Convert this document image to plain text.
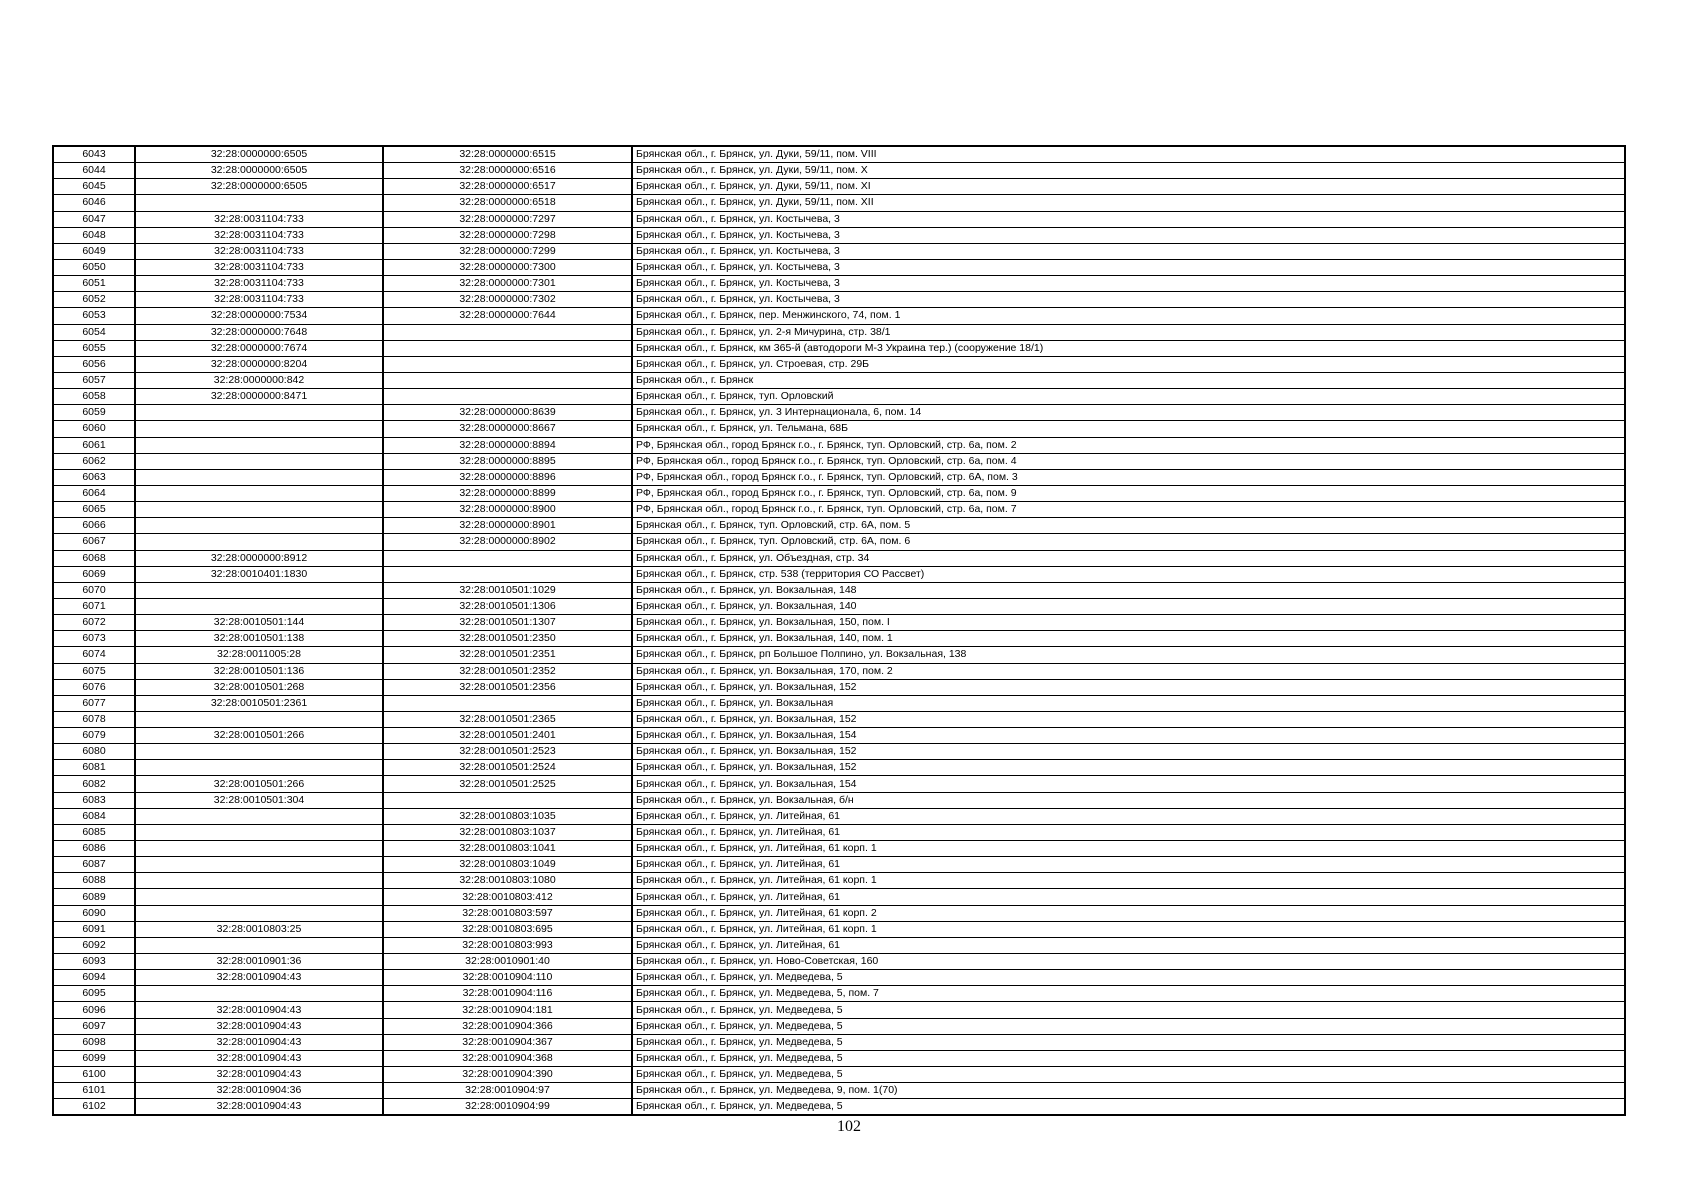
6043	32:28:0000000:6505	32:28:0000000:6515	Брянская обл., г. Брянск, ул. Дуки, 59/11, пом. VIII
6044	32:28:0000000:6505	32:28:0000000:6516	Брянская обл., г. Брянск, ул. Дуки, 59/11, пом. X
6045	32:28:0000000:6505	32:28:0000000:6517	Брянская обл., г. Брянск, ул. Дуки, 59/11, пом. XI
6046		32:28:0000000:6518	Брянская обл., г. Брянск, ул. Дуки, 59/11, пом. XII
6047	32:28:0031104:733	32:28:0000000:7297	Брянская обл., г. Брянск, ул. Костычева, 3
6048	32:28:0031104:733	32:28:0000000:7298	Брянская обл., г. Брянск, ул. Костычева, 3
6049	32:28:0031104:733	32:28:0000000:7299	Брянская обл., г. Брянск, ул. Костычева, 3
6050	32:28:0031104:733	32:28:0000000:7300	Брянская обл., г. Брянск, ул. Костычева, 3
6051	32:28:0031104:733	32:28:0000000:7301	Брянская обл., г. Брянск, ул. Костычева, 3
6052	32:28:0031104:733	32:28:0000000:7302	Брянская обл., г. Брянск, ул. Костычева, 3
6053	32:28:0000000:7534	32:28:0000000:7644	Брянская обл., г. Брянск, пер. Менжинского, 74, пом. 1
6054	32:28:0000000:7648		Брянская обл., г. Брянск, ул. 2-я Мичурина, стр. 38/1
6055	32:28:0000000:7674		Брянская обл., г. Брянск, км 365-й (автодороги М-3 Украина тер.) (сооружение 18/1)
6056	32:28:0000000:8204		Брянская обл., г. Брянск, ул. Строевая, стр. 29Б
6057	32:28:0000000:842		Брянская обл., г. Брянск
6058	32:28:0000000:8471		Брянская обл., г. Брянск, туп. Орловский
6059		32:28:0000000:8639	Брянская обл., г. Брянск, ул. 3 Интернационала, 6, пом. 14
6060		32:28:0000000:8667	Брянская обл., г. Брянск, ул. Тельмана, 68Б
6061		32:28:0000000:8894	РФ, Брянская обл., город Брянск г.о., г. Брянск, туп. Орловский, стр. 6а, пом. 2
6062		32:28:0000000:8895	РФ, Брянская обл., город Брянск г.о., г. Брянск, туп. Орловский, стр. 6а, пом. 4
6063		32:28:0000000:8896	РФ, Брянская обл., город Брянск г.о., г. Брянск, туп. Орловский, стр. 6А, пом. 3
6064		32:28:0000000:8899	РФ, Брянская обл., город Брянск г.о., г. Брянск, туп. Орловский, стр. 6а, пом. 9
6065		32:28:0000000:8900	РФ, Брянская обл., город Брянск г.о., г. Брянск, туп. Орловский, стр. 6а, пом. 7
6066		32:28:0000000:8901	Брянская обл., г. Брянск, туп. Орловский, стр. 6А, пом. 5
6067		32:28:0000000:8902	Брянская обл., г. Брянск, туп. Орловский, стр. 6А, пом. 6
6068	32:28:0000000:8912		Брянская обл., г. Брянск, ул. Объездная, стр. 34
6069	32:28:0010401:1830		Брянская обл., г. Брянск, стр. 538 (территория СО Рассвет)
6070		32:28:0010501:1029	Брянская обл., г. Брянск, ул. Вокзальная, 148
6071		32:28:0010501:1306	Брянская обл., г. Брянск, ул. Вокзальная, 140
6072	32:28:0010501:144	32:28:0010501:1307	Брянская обл., г. Брянск, ул. Вокзальная, 150, пом. I
6073	32:28:0010501:138	32:28:0010501:2350	Брянская обл., г. Брянск, ул. Вокзальная, 140, пом. 1
6074	32:28:0011005:28	32:28:0010501:2351	Брянская обл., г. Брянск, рп Большое Полпино, ул. Вокзальная, 138
6075	32:28:0010501:136	32:28:0010501:2352	Брянская обл., г. Брянск, ул. Вокзальная, 170, пом. 2
6076	32:28:0010501:268	32:28:0010501:2356	Брянская обл., г. Брянск, ул. Вокзальная, 152
6077	32:28:0010501:2361		Брянская обл., г. Брянск, ул. Вокзальная
6078		32:28:0010501:2365	Брянская обл., г. Брянск, ул. Вокзальная, 152
6079	32:28:0010501:266	32:28:0010501:2401	Брянская обл., г. Брянск, ул. Вокзальная, 154
6080		32:28:0010501:2523	Брянская обл., г. Брянск, ул. Вокзальная, 152
6081		32:28:0010501:2524	Брянская обл., г. Брянск, ул. Вокзальная, 152
6082	32:28:0010501:266	32:28:0010501:2525	Брянская обл., г. Брянск, ул. Вокзальная, 154
6083	32:28:0010501:304		Брянская обл., г. Брянск, ул. Вокзальная, б/н
6084		32:28:0010803:1035	Брянская обл., г. Брянск, ул. Литейная, 61
6085		32:28:0010803:1037	Брянская обл., г. Брянск, ул. Литейная, 61
6086		32:28:0010803:1041	Брянская обл., г. Брянск, ул. Литейная, 61 корп. 1
6087		32:28:0010803:1049	Брянская обл., г. Брянск, ул. Литейная, 61
6088		32:28:0010803:1080	Брянская обл., г. Брянск, ул. Литейная, 61 корп. 1
6089		32:28:0010803:412	Брянская обл., г. Брянск, ул. Литейная, 61
6090		32:28:0010803:597	Брянская обл., г. Брянск, ул. Литейная, 61 корп. 2
6091	32:28:0010803:25	32:28:0010803:695	Брянская обл., г. Брянск, ул. Литейная, 61 корп. 1
6092		32:28:0010803:993	Брянская обл., г. Брянск, ул. Литейная, 61
6093	32:28:0010901:36	32:28:0010901:40	Брянская обл., г. Брянск, ул. Ново-Советская, 160
6094	32:28:0010904:43	32:28:0010904:110	Брянская обл., г. Брянск, ул. Медведева, 5
6095		32:28:0010904:116	Брянская обл., г. Брянск, ул. Медведева, 5, пом. 7
6096	32:28:0010904:43	32:28:0010904:181	Брянская обл., г. Брянск, ул. Медведева, 5
6097	32:28:0010904:43	32:28:0010904:366	Брянская обл., г. Брянск, ул. Медведева, 5
6098	32:28:0010904:43	32:28:0010904:367	Брянская обл., г. Брянск, ул. Медведева, 5
6099	32:28:0010904:43	32:28:0010904:368	Брянская обл., г. Брянск, ул. Медведева, 5
6100	32:28:0010904:43	32:28:0010904:390	Брянская обл., г. Брянск, ул. Медведева, 5
6101	32:28:0010904:36	32:28:0010904:97	Брянская обл., г. Брянск, ул. Медведева, 9, пом. 1(70)
6102	32:28:0010904:43	32:28:0010904:99	Брянская обл., г. Брянск, ул. Медведева, 5
102
